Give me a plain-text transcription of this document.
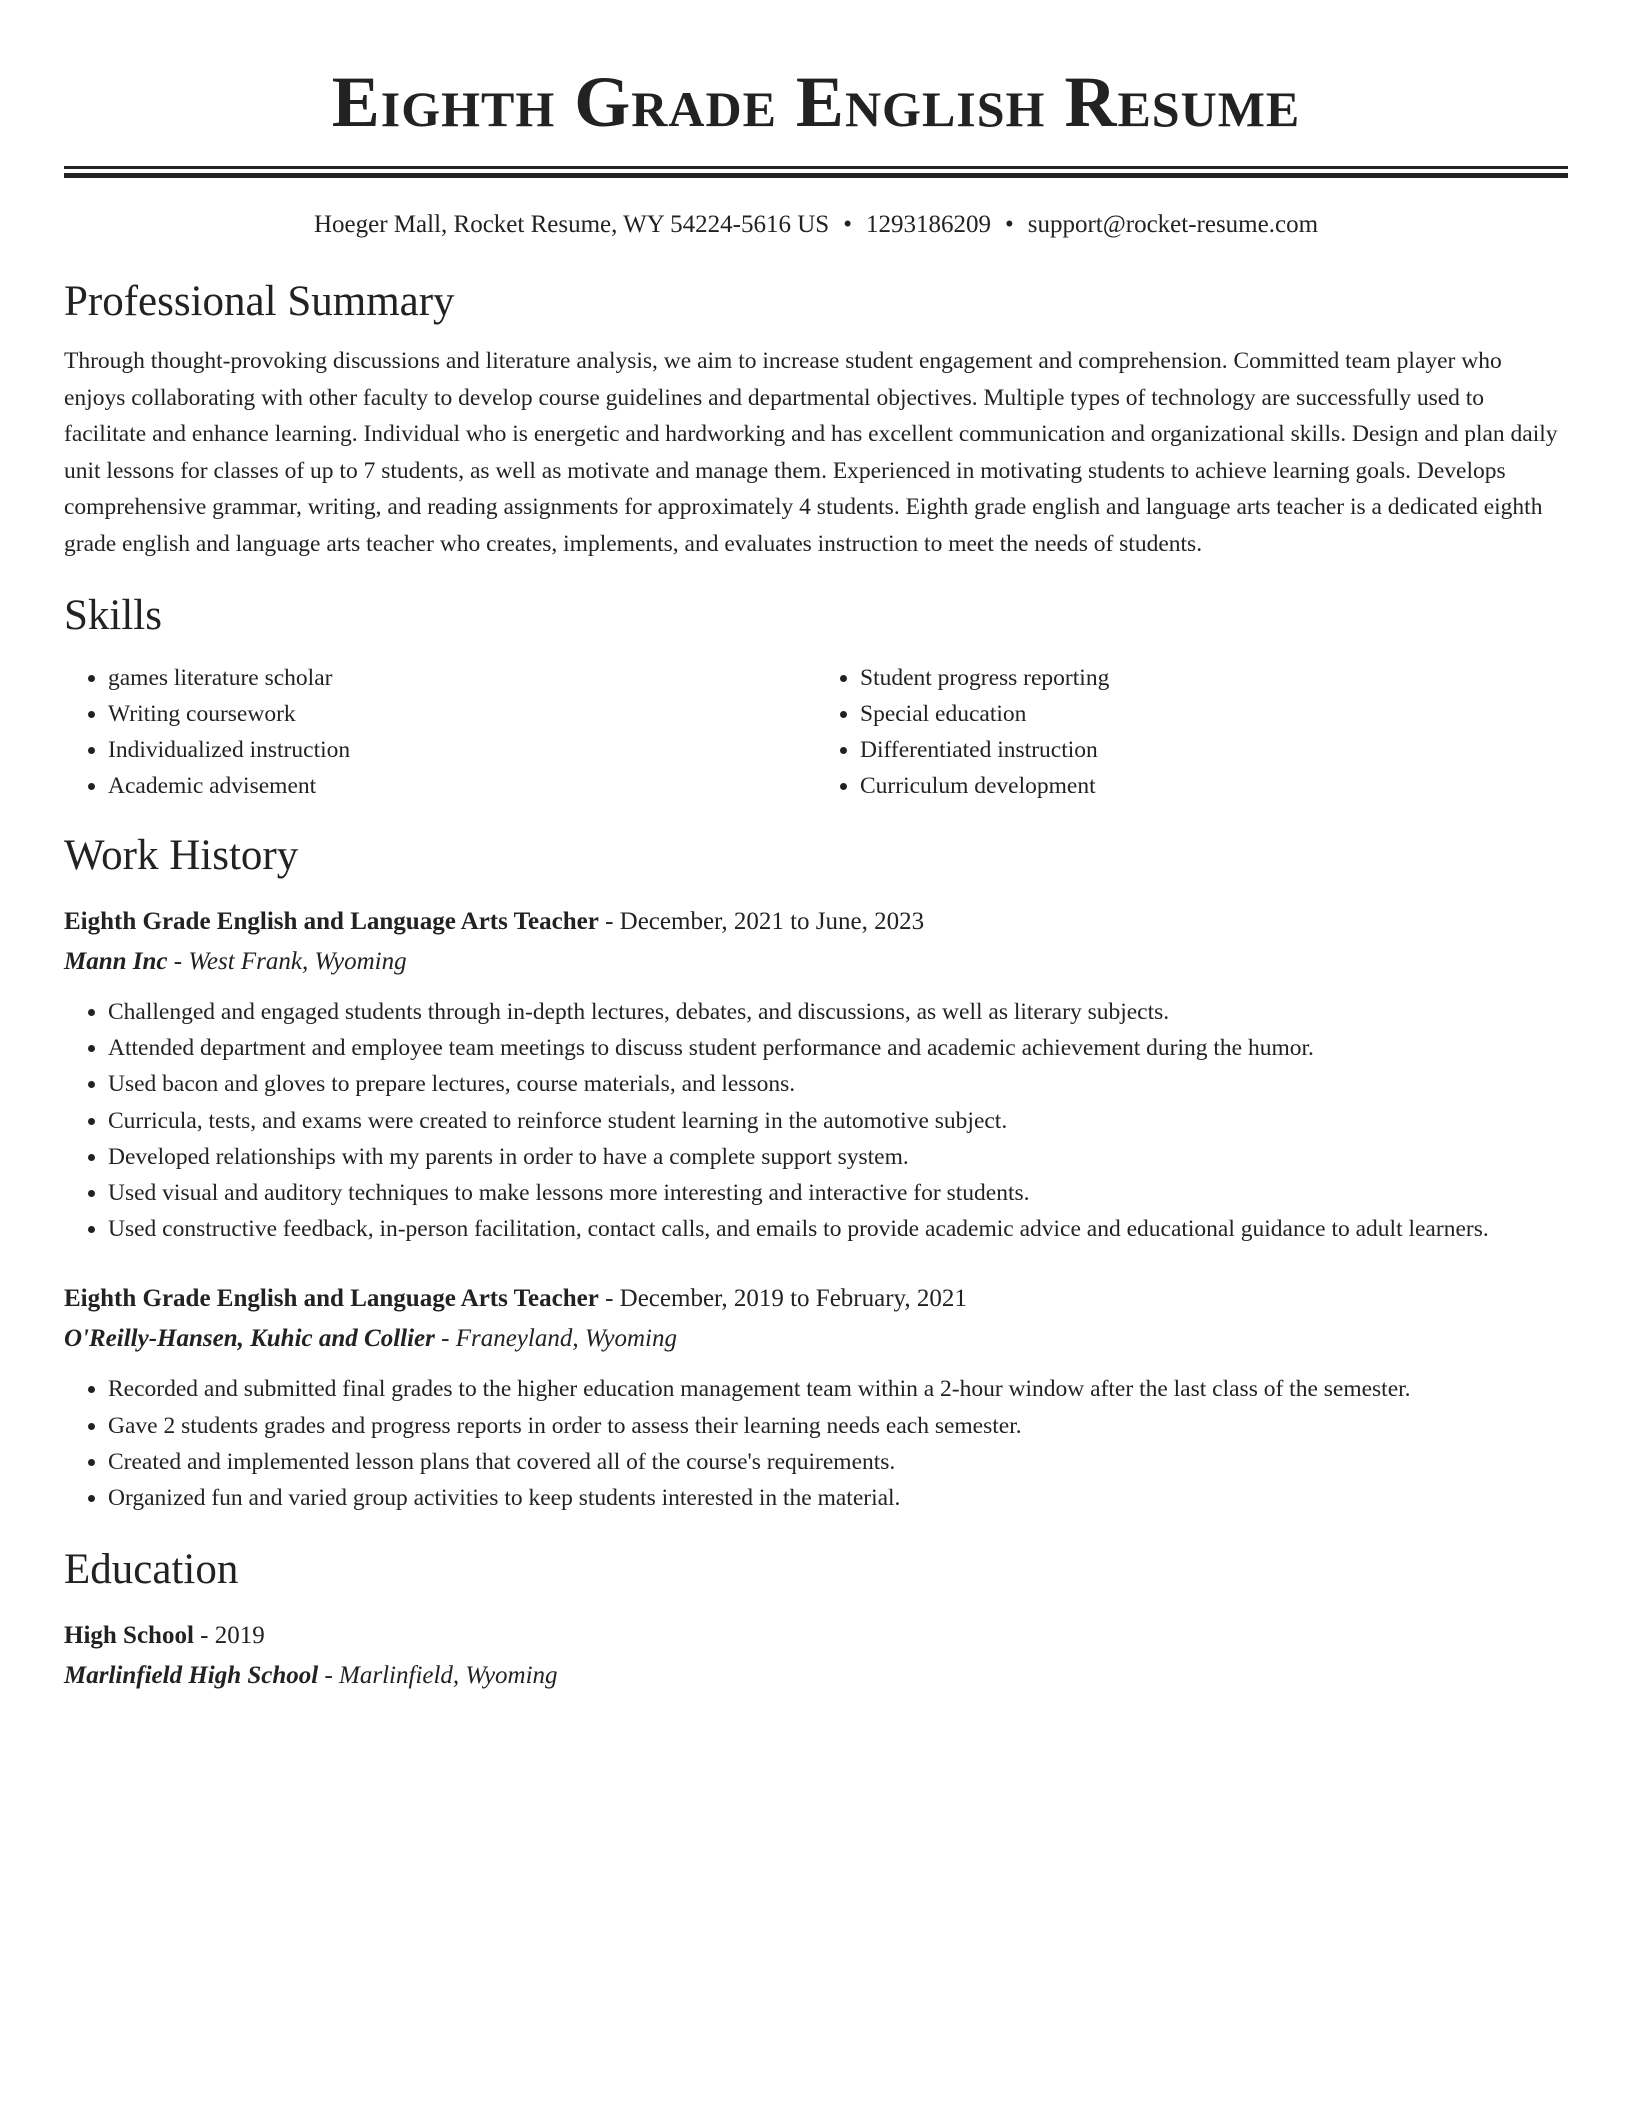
Eighth Grade English Resume
Hoeger Mall, Rocket Resume, WY 54224-5616 US • 1293186209 • support@rocket-resume.com
Professional Summary

Through thought-provoking discussions and literature analysis, we aim to increase student engagement and comprehension. Committed team player who enjoys collaborating with other faculty to develop course guidelines and departmental objectives. Multiple types of technology are successfully used to facilitate and enhance learning. Individual who is energetic and hardworking and has excellent communication and organizational skills. Design and plan daily unit lessons for classes of up to 7 students, as well as motivate and manage them. Experienced in motivating students to achieve learning goals. Develops comprehensive grammar, writing, and reading assignments for approximately 4 students. Eighth grade english and language arts teacher is a dedicated eighth grade english and language arts teacher who creates, implements, and evaluates instruction to meet the needs of students.

Skills
• games literature scholar
• Writing coursework
• Individualized instruction
• Academic advisement
• Student progress reporting
• Special education
• Differentiated instruction
• Curriculum development
Work History
Eighth Grade English and Language Arts Teacher - December, 2021 to June, 2023
Mann Inc - West Frank, Wyoming
• Challenged and engaged students through in-depth lectures, debates, and discussions, as well as literary subjects.
• Attended department and employee team meetings to discuss student performance and academic achievement during the humor.
• Used bacon and gloves to prepare lectures, course materials, and lessons.
• Curricula, tests, and exams were created to reinforce student learning in the automotive subject.
• Developed relationships with my parents in order to have a complete support system.
• Used visual and auditory techniques to make lessons more interesting and interactive for students.
• Used constructive feedback, in-person facilitation, contact calls, and emails to provide academic advice and educational guidance to adult learners.
Eighth Grade English and Language Arts Teacher - December, 2019 to February, 2021
O'Reilly-Hansen, Kuhic and Collier - Franeyland, Wyoming
• Recorded and submitted final grades to the higher education management team within a 2-hour window after the last class of the semester.
• Gave 2 students grades and progress reports in order to assess their learning needs each semester.
• Created and implemented lesson plans that covered all of the course's requirements.
• Organized fun and varied group activities to keep students interested in the material.
Education
High School - 2019
Marlinfield High School - Marlinfield, Wyoming
